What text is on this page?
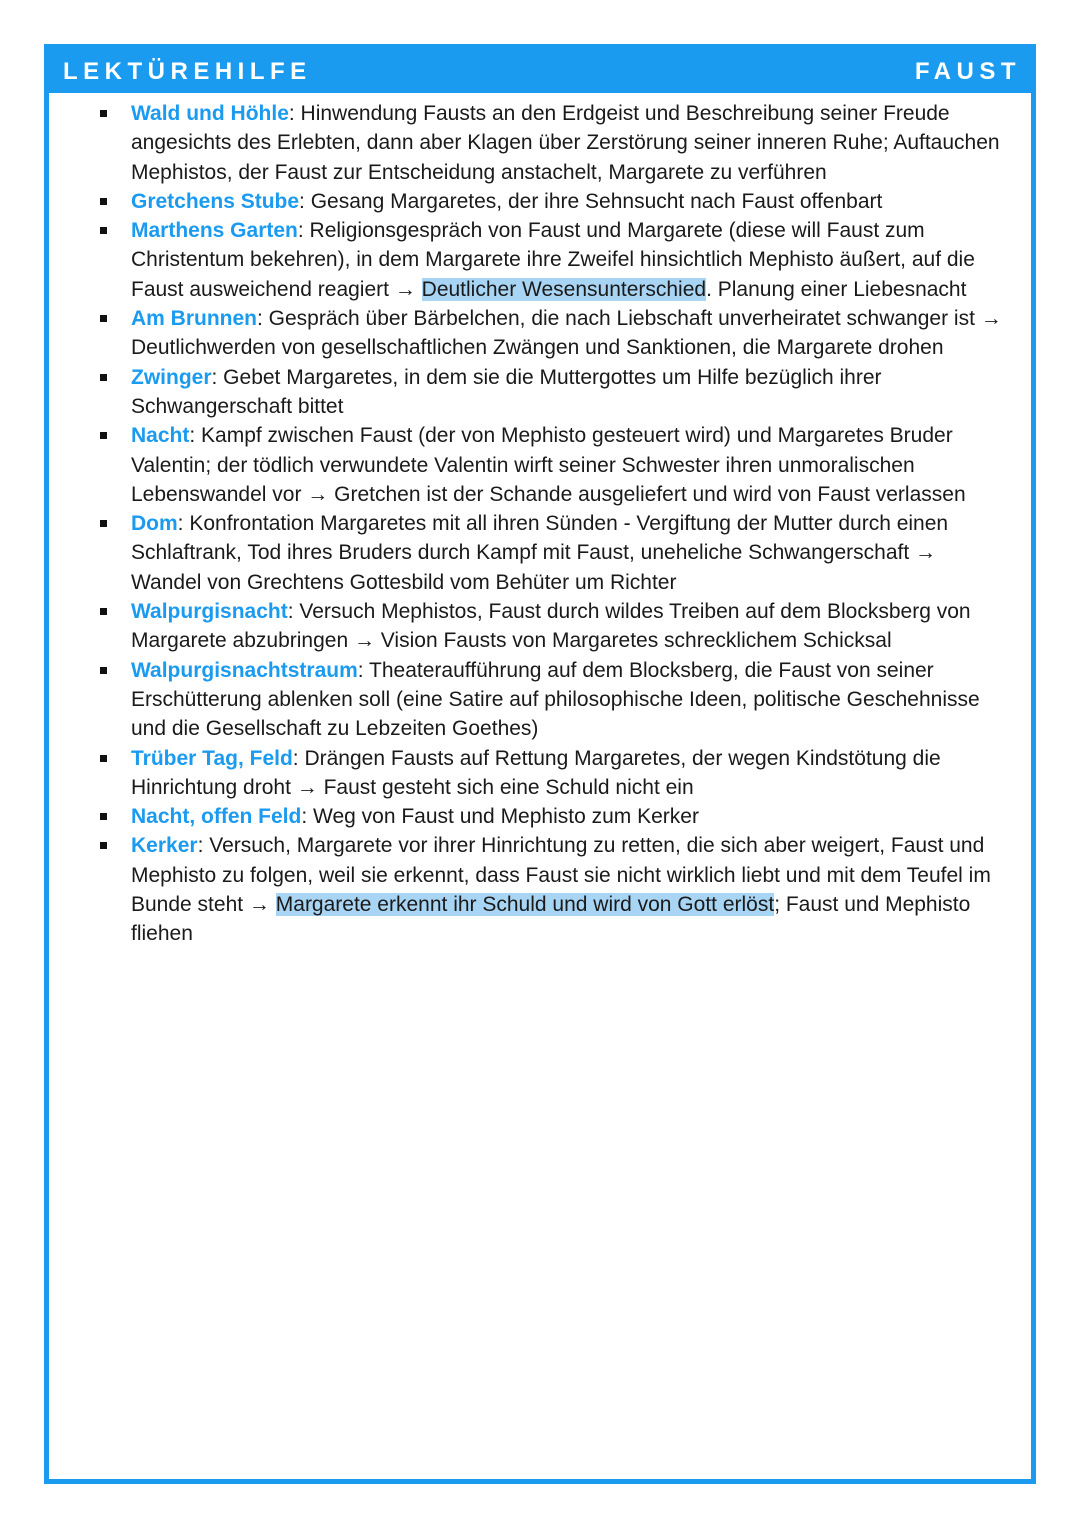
LEKTÜREHILFE	FAUST
Wald und Höhle: Hinwendung Fausts an den Erdgeist und Beschreibung seiner Freude angesichts des Erlebten, dann aber Klagen über Zerstörung seiner inneren Ruhe; Auftauchen Mephistos, der Faust zur Entscheidung anstachelt, Margarete zu verführen
Gretchens Stube: Gesang Margaretes, der ihre Sehnsucht nach Faust offenbart
Marthens Garten: Religionsgespräch von Faust und Margarete (diese will Faust zum Christentum bekehren), in dem Margarete ihre Zweifel hinsichtlich Mephisto äußert, auf die Faust ausweichend reagiert → Deutlicher Wesensunterschied. Planung einer Liebesnacht
Am Brunnen: Gespräch über Bärbelchen, die nach Liebschaft unverheiratet schwanger ist → Deutlichwerden von gesellschaftlichen Zwängen und Sanktionen, die Margarete drohen
Zwinger: Gebet Margaretes, in dem sie die Muttergottes um Hilfe bezüglich ihrer Schwangerschaft bittet
Nacht: Kampf zwischen Faust (der von Mephisto gesteuert wird) und Margaretes Bruder Valentin; der tödlich verwundete Valentin wirft seiner Schwester ihren unmoralischen Lebenswandel vor → Gretchen ist der Schande ausgeliefert und wird von Faust verlassen
Dom: Konfrontation Margaretes mit all ihren Sünden - Vergiftung der Mutter durch einen Schlaftrank, Tod ihres Bruders durch Kampf mit Faust, uneheliche Schwangerschaft → Wandel von Grechtens Gottesbild vom Behüter um Richter
Walpurgisnacht: Versuch Mephistos, Faust durch wildes Treiben auf dem Blocksberg von Margarete abzubringen → Vision Fausts von Margaretes schrecklichem Schicksal
Walpurgisnachtstraum: Theateraufführung auf dem Blocksberg, die Faust von seiner Erschütterung ablenken soll (eine Satire auf philosophische Ideen, politische Geschehnisse und die Gesellschaft zu Lebzeiten Goethes)
Trüber Tag, Feld: Drängen Fausts auf Rettung Margaretes, der wegen Kindstötung die Hinrichtung droht → Faust gesteht sich eine Schuld nicht ein
Nacht, offen Feld: Weg von Faust und Mephisto zum Kerker
Kerker: Versuch, Margarete vor ihrer Hinrichtung zu retten, die sich aber weigert, Faust und Mephisto zu folgen, weil sie erkennt, dass Faust sie nicht wirklich liebt und mit dem Teufel im Bunde steht → Margarete erkennt ihr Schuld und wird von Gott erlöst; Faust und Mephisto fliehen
